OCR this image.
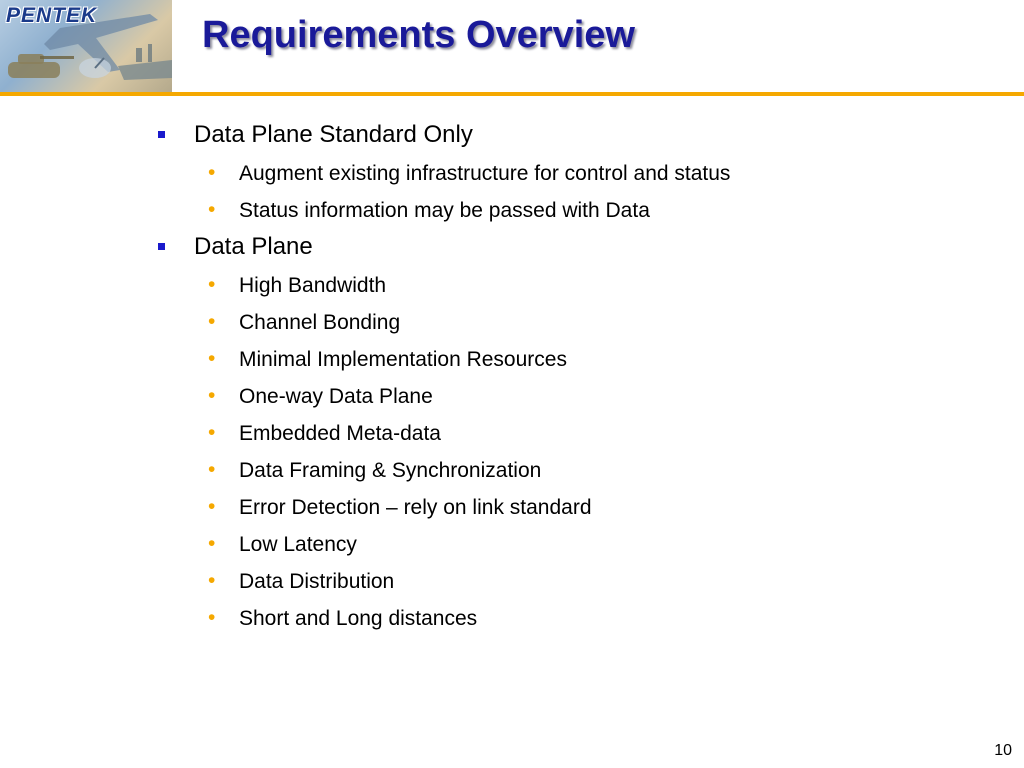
PENTEK	Requirements Overview
Data Plane Standard Only
• Augment existing infrastructure for control and status
• Status information may be passed with Data
Data Plane
• High Bandwidth
• Channel Bonding
• Minimal Implementation Resources
• One-way Data Plane
• Embedded Meta-data
• Data Framing & Synchronization
• Error Detection – rely on link standard
• Low Latency
• Data Distribution
• Short and Long distances
10
